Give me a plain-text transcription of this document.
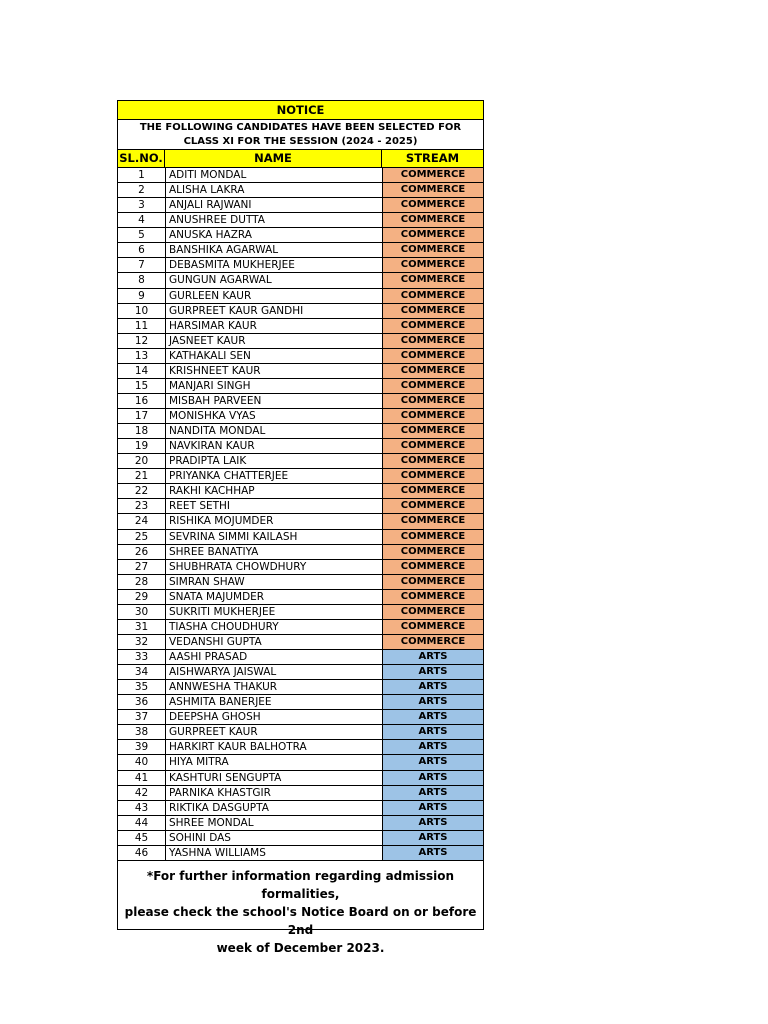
NOTICE
THE FOLLOWING CANDIDATES HAVE BEEN SELECTED FOR
CLASS XI FOR THE SESSION (2024 - 2025)
SL.NO.	NAME	STREAM
1	ADITI MONDAL	COMMERCE
2	ALISHA LAKRA	COMMERCE
3	ANJALI RAJWANI	COMMERCE
4	ANUSHREE DUTTA	COMMERCE
5	ANUSKA HAZRA	COMMERCE
6	BANSHIKA AGARWAL	COMMERCE
7	DEBASMITA MUKHERJEE	COMMERCE
8	GUNGUN AGARWAL	COMMERCE
9	GURLEEN KAUR	COMMERCE
10	GURPREET KAUR GANDHI	COMMERCE
11	HARSIMAR KAUR	COMMERCE
12	JASNEET KAUR	COMMERCE
13	KATHAKALI SEN	COMMERCE
14	KRISHNEET KAUR	COMMERCE
15	MANJARI SINGH	COMMERCE
16	MISBAH PARVEEN	COMMERCE
17	MONISHKA VYAS	COMMERCE
18	NANDITA MONDAL	COMMERCE
19	NAVKIRAN KAUR	COMMERCE
20	PRADIPTA LAIK	COMMERCE
21	PRIYANKA CHATTERJEE	COMMERCE
22	RAKHI KACHHAP	COMMERCE
23	REET SETHI	COMMERCE
24	RISHIKA MOJUMDER	COMMERCE
25	SEVRINA SIMMI KAILASH	COMMERCE
26	SHREE BANATIYA	COMMERCE
27	SHUBHRATA CHOWDHURY	COMMERCE
28	SIMRAN SHAW	COMMERCE
29	SNATA MAJUMDER	COMMERCE
30	SUKRITI MUKHERJEE	COMMERCE
31	TIASHA CHOUDHURY	COMMERCE
32	VEDANSHI GUPTA	COMMERCE
33	AASHI PRASAD	ARTS
34	AISHWARYA JAISWAL	ARTS
35	ANNWESHA THAKUR	ARTS
36	ASHMITA BANERJEE	ARTS
37	DEEPSHA GHOSH	ARTS
38	GURPREET KAUR	ARTS
39	HARKIRT KAUR BALHOTRA	ARTS
40	HIYA MITRA	ARTS
41	KASHTURI SENGUPTA	ARTS
42	PARNIKA KHASTGIR	ARTS
43	RIKTIKA DASGUPTA	ARTS
44	SHREE MONDAL	ARTS
45	SOHINI DAS	ARTS
46	YASHNA WILLIAMS	ARTS
*For further information regarding admission formalities,
please check the school's Notice Board on or before 2nd
week of December 2023.
